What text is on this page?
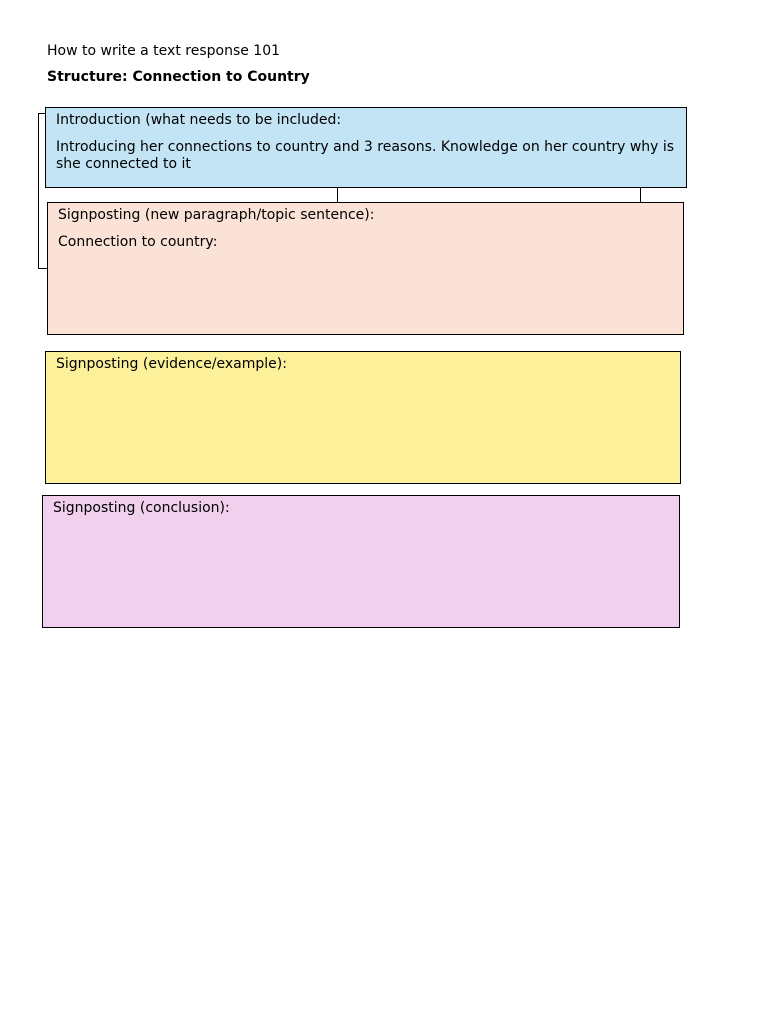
How to write a text response 101
Structure: Connection to Country
Introduction (what needs to be included:
Introducing her connections to country and 3 reasons. Knowledge on her country why is she connected to it
Signposting (new paragraph/topic sentence):
Connection to country:
Signposting (evidence/example):
Signposting (conclusion):
